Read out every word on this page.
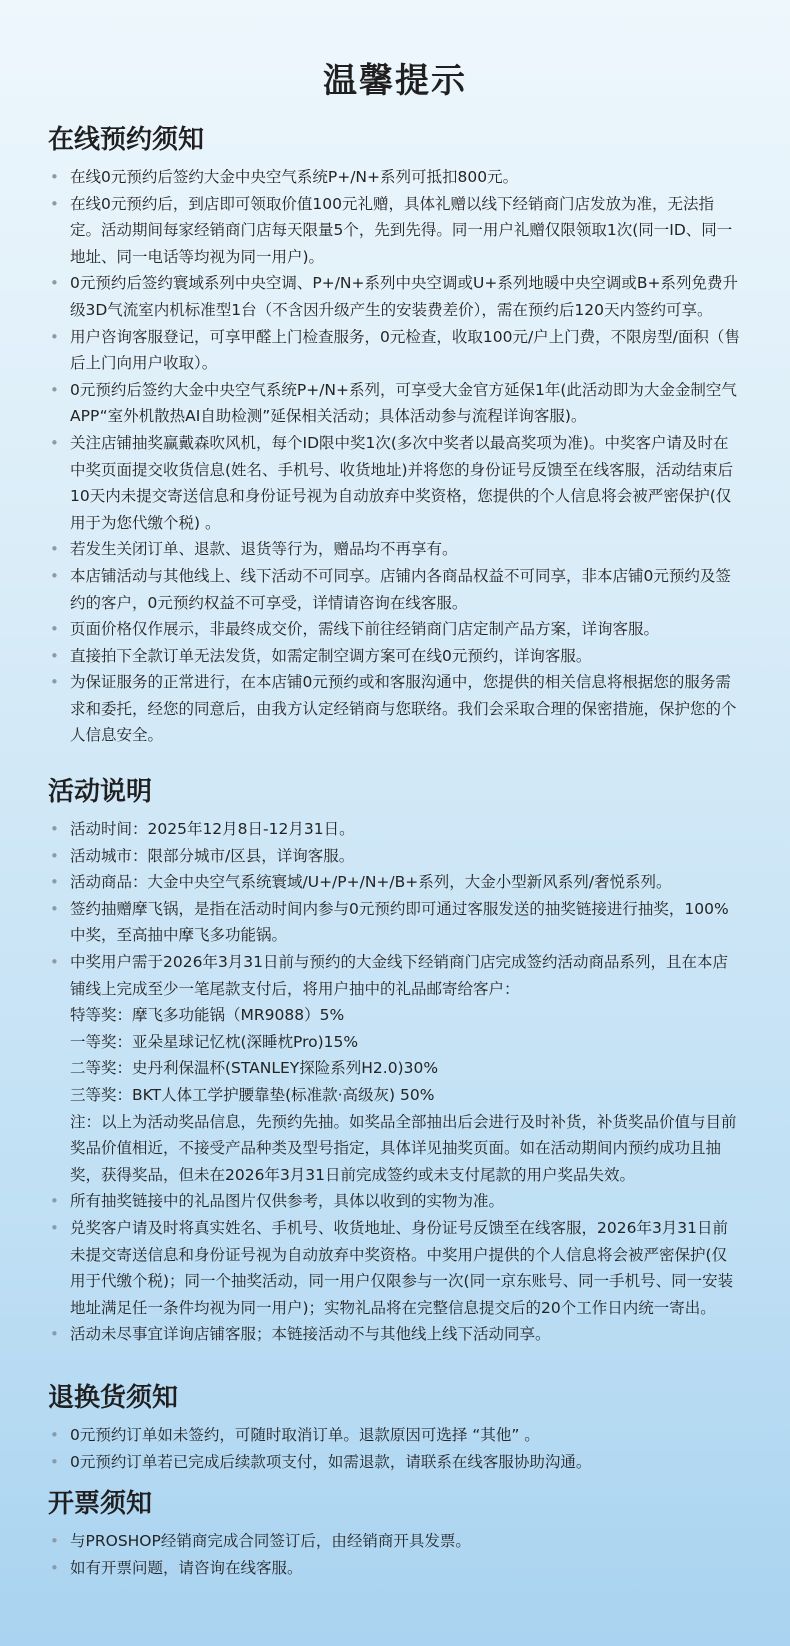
温馨提示
在线预约须知
• 在线0元预约后签约大金中央空气系统P+/N+系列可抵扣800元。
• 在线0元预约后，到店即可领取价值100元礼赠，具体礼赠以线下经销商门店发放为准，无法指定。活动期间每家经销商门店每天限量5个，先到先得。同一用户礼赠仅限领取1次(同一ID、同一地址、同一电话等均视为同一用户)。
• 0元预约后签约寰域系列中央空调、P+/N+系列中央空调或U+系列地暖中央空调或B+系列免费升级3D气流室内机标准型1台（不含因升级产生的安装费差价），需在预约后120天内签约可享。
• 用户咨询客服登记，可享甲醛上门检查服务，0元检查，收取100元/户上门费，不限房型/面积（售后上门向用户收取）。
• 0元预约后签约大金中央空气系统P+/N+系列，可享受大金官方延保1年(此活动即为大金金制空气APP“室外机散热AI自助检测”延保相关活动；具体活动参与流程详询客服)。
• 关注店铺抽奖赢戴森吹风机，每个ID限中奖1次(多次中奖者以最高奖项为准)。中奖客户请及时在中奖页面提交收货信息(姓名、手机号、收货地址)并将您的身份证号反馈至在线客服，活动结束后10天内未提交寄送信息和身份证号视为自动放弃中奖资格，您提供的个人信息将会被严密保护(仅用于为您代缴个税) 。
• 若发生关闭订单、退款、退货等行为，赠品均不再享有。
• 本店铺活动与其他线上、线下活动不可同享。店铺内各商品权益不可同享，非本店铺0元预约及签约的客户，0元预约权益不可享受，详情请咨询在线客服。
• 页面价格仅作展示，非最终成交价，需线下前往经销商门店定制产品方案，详询客服。
• 直接拍下全款订单无法发货，如需定制空调方案可在线0元预约，详询客服。
• 为保证服务的正常进行，在本店铺0元预约或和客服沟通中，您提供的相关信息将根据您的服务需求和委托，经您的同意后，由我方认定经销商与您联络。我们会采取合理的保密措施，保护您的个人信息安全。
活动说明
• 活动时间：2025年12月8日-12月31日。
• 活动城市：限部分城市/区县，详询客服。
• 活动商品：大金中央空气系统寰域/U+/P+/N+/B+系列，大金小型新风系列/奢悦系列。
• 签约抽赠摩飞锅，是指在活动时间内参与0元预约即可通过客服发送的抽奖链接进行抽奖，100%中奖，至高抽中摩飞多功能锅。
• 中奖用户需于2026年3月31日前与预约的大金线下经销商门店完成签约活动商品系列，且在本店铺线上完成至少一笔尾款支付后，将用户抽中的礼品邮寄给客户：
特等奖：摩飞多功能锅（MR9088）5%
一等奖：亚朵星球记忆枕(深睡枕Pro)15%
二等奖：史丹利保温杯(STANLEY探险系列H2.0)30%
三等奖：BKT人体工学护腰靠垫(标准款·高级灰) 50%
注：以上为活动奖品信息，先预约先抽。如奖品全部抽出后会进行及时补货，补货奖品价值与目前奖品价值相近，不接受产品种类及型号指定，具体详见抽奖页面。如在活动期间内预约成功且抽奖，获得奖品，但未在2026年3月31日前完成签约或未支付尾款的用户奖品失效。
• 所有抽奖链接中的礼品图片仅供参考，具体以收到的实物为准。
• 兑奖客户请及时将真实姓名、手机号、收货地址、身份证号反馈至在线客服，2026年3月31日前未提交寄送信息和身份证号视为自动放弃中奖资格。中奖用户提供的个人信息将会被严密保护(仅用于代缴个税)；同一个抽奖活动，同一用户仅限参与一次(同一京东账号、同一手机号、同一安装地址满足任一条件均视为同一用户)；实物礼品将在完整信息提交后的20个工作日内统一寄出。
• 活动未尽事宜详询店铺客服；本链接活动不与其他线上线下活动同享。
退换货须知
• 0元预约订单如未签约，可随时取消订单。退款原因可选择 “其他” 。
• 0元预约订单若已完成后续款项支付，如需退款，请联系在线客服协助沟通。
开票须知
• 与PROSHOP经销商完成合同签订后，由经销商开具发票。
• 如有开票问题，请咨询在线客服。
